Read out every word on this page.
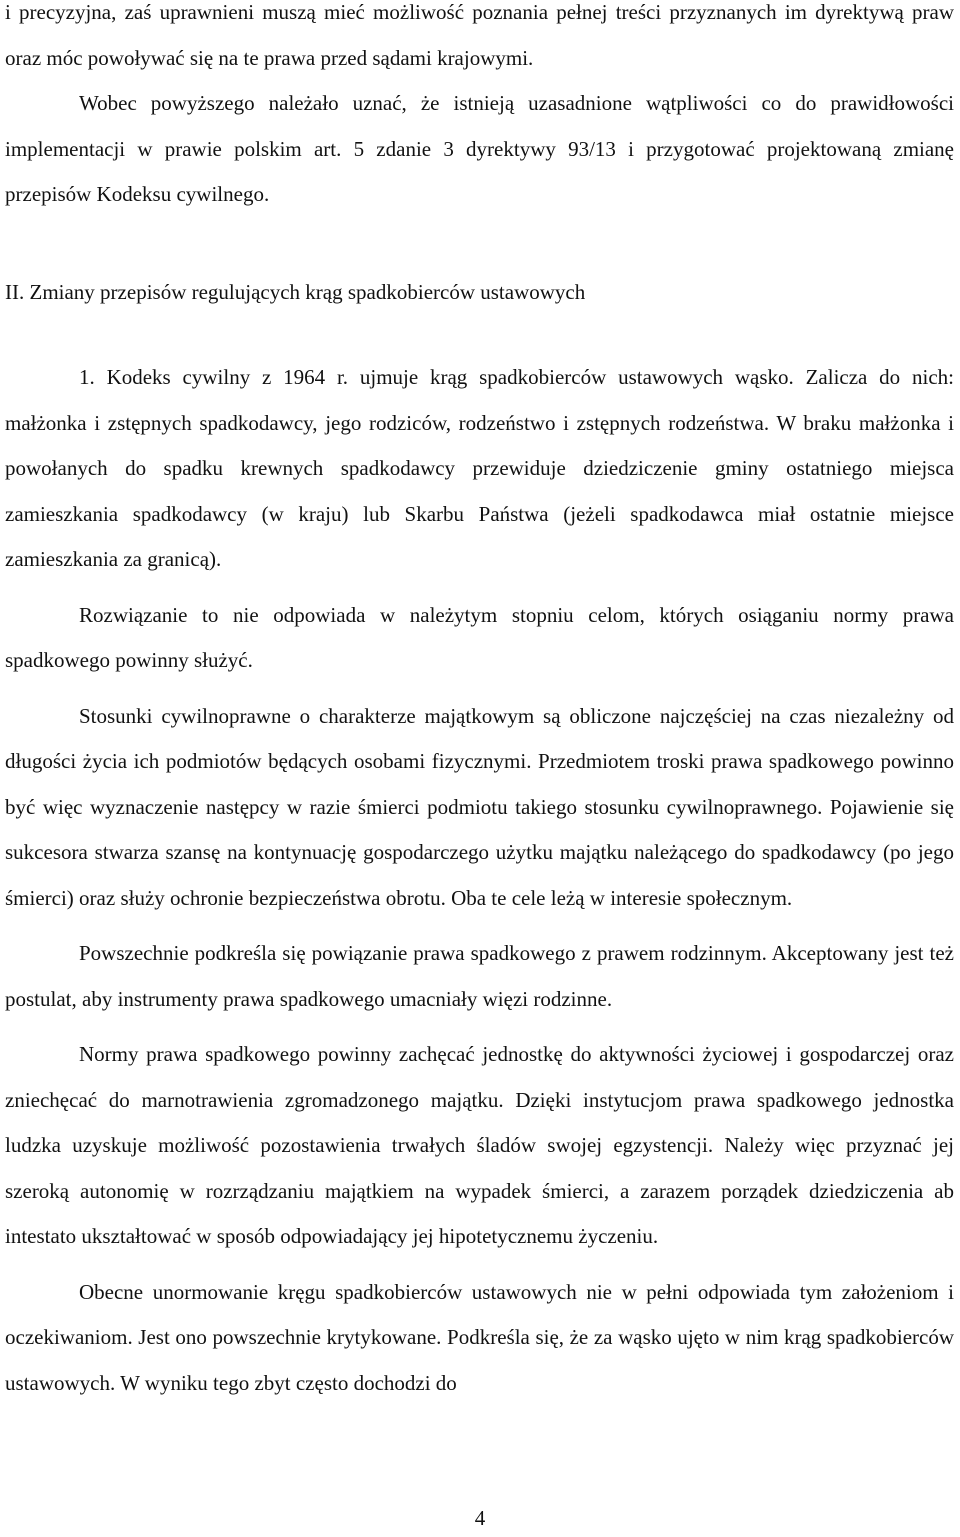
i precyzyjna, zaś uprawnieni muszą mieć możliwość poznania pełnej treści przyznanych im dyrektywą praw oraz móc powoływać się na te prawa przed sądami krajowymi.

Wobec powyższego należało uznać, że istnieją uzasadnione wątpliwości co do prawidłowości implementacji w prawie polskim art. 5 zdanie 3 dyrektywy 93/13 i przygotować projektowaną zmianę przepisów Kodeksu cywilnego.

II. Zmiany przepisów regulujących krąg spadkobierców ustawowych

1. Kodeks cywilny z 1964 r. ujmuje krąg spadkobierców ustawowych wąsko. Zalicza do nich: małżonka i zstępnych spadkodawcy, jego rodziców, rodzeństwo i zstępnych rodzeństwa. W braku małżonka i powołanych do spadku krewnych spadkodawcy przewiduje dziedziczenie gminy ostatniego miejsca zamieszkania spadkodawcy (w kraju) lub Skarbu Państwa (jeżeli spadkodawca miał ostatnie miejsce zamieszkania za granicą).

Rozwiązanie to nie odpowiada w należytym stopniu celom, których osiąganiu normy prawa spadkowego powinny służyć.

Stosunki cywilnoprawne o charakterze majątkowym są obliczone najczęściej na czas niezależny od długości życia ich podmiotów będących osobami fizycznymi. Przedmiotem troski prawa spadkowego powinno być więc wyznaczenie następcy w razie śmierci podmiotu takiego stosunku cywilnoprawnego. Pojawienie się sukcesora stwarza szansę na kontynuację gospodarczego użytku majątku należącego do spadkodawcy (po jego śmierci) oraz służy ochronie bezpieczeństwa obrotu. Oba te cele leżą w interesie społecznym.

Powszechnie podkreśla się powiązanie prawa spadkowego z prawem rodzinnym. Akceptowany jest też postulat, aby instrumenty prawa spadkowego umacniały więzi rodzinne.

Normy prawa spadkowego powinny zachęcać jednostkę do aktywności życiowej i gospodarczej oraz zniechęcać do marnotrawienia zgromadzonego majątku. Dzięki instytucjom prawa spadkowego jednostka ludzka uzyskuje możliwość pozostawienia trwałych śladów swojej egzystencji. Należy więc przyznać jej szeroką autonomię w rozrządzaniu majątkiem na wypadek śmierci, a zarazem porządek dziedziczenia ab intestato ukształtować w sposób odpowiadający jej hipotetycznemu życzeniu.

Obecne unormowanie kręgu spadkobierców ustawowych nie w pełni odpowiada tym założeniom i oczekiwaniom. Jest ono powszechnie krytykowane. Podkreśla się, że za wąsko ujęto w nim krąg spadkobierców ustawowych. W wyniku tego zbyt często dochodzi do

4
